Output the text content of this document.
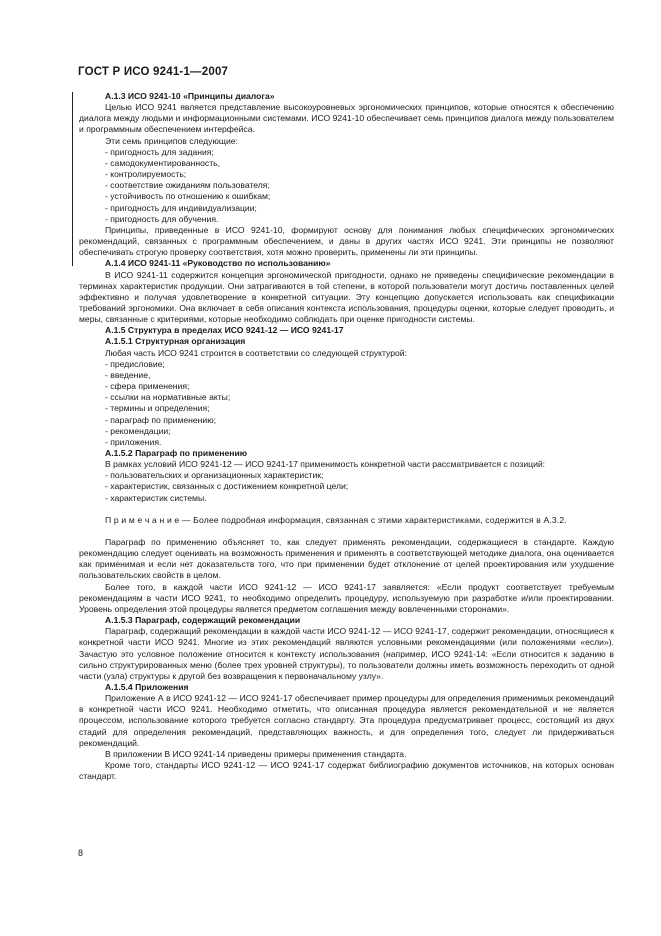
ГОСТ Р ИСО 9241-1—2007

А.1.3 ИСО 9241-10 «Принципы диалога»

Целью ИСО 9241 является представление высокоуровневых эргономических принципов, которые относятся к обеспечению диалога между людьми и информационными системами. ИСО 9241-10 обеспечивает семь принципов диалога между пользователем и программным обеспечением интерфейса.

Эти семь принципов следующие:

- пригодность для задания;

- самодокументированность,

- контролируемость;

- соответствие ожиданиям пользователя;

- устойчивость по отношению к ошибкам;

- пригодность для индивидуализации;

- пригодность для обучения.

Принципы, приведенные в ИСО 9241-10, формируют основу для понимания любых специфических эргономических рекомендаций, связанных с программным обеспечением, и даны в других частях ИСО 9241. Эти принципы не позволяют обеспечивать строгую проверку соответствия, хотя можно проверить, применены ли эти принципы.

А.1.4 ИСО 9241-11 «Руководство по использованию»

В ИСО 9241-11 содержится концепция эргономической пригодности, однако не приведены специфические рекомендации в терминах характеристик продукции. Они затрагиваются в той степени, в которой пользователи могут достичь поставленных целей эффективно и получая удовлетворение в конкретной ситуации. Эту концепцию допускается использовать как спецификации требований эргономики. Она включает в себя описания контекста использования, процедуры оценки, которые следует проводить, и меры, связанные с критериями, которые необходимо соблюдать при оценке пригодности системы.

А.1.5 Структура в пределах ИСО 9241-12 — ИСО 9241-17

А.1.5.1 Структурная организация

Любая часть ИСО 9241 строится в соответствии со следующей структурой:

- предисловие;

- введение,

- сфера применения;

- ссылки на нормативные акты;

- термины и определения;

- параграф по применению;

- рекомендации;

- приложения.

А.1.5.2 Параграф по применению

В рамках условий ИСО 9241-12 — ИСО 9241-17 применимость конкретной части рассматривается с позиций:

- пользовательских и организационных характеристик;

- характеристик, связанных с достижением конкретной цели;

- характеристик системы.

П р и м е ч а н и е — Более подробная информация, связанная с этими характеристиками, содержится в А.3.2.

Параграф по применению объясняет то, как следует применять рекомендации, содержащиеся в стандарте. Каждую рекомендацию следует оценивать на возможность применения и применять в соответствующей методике диалога, она оценивается как применимая и если нет доказательств того, что при применении будет отклонение от целей проектирования или ухудшение пользовательских свойств в целом.

Более того, в каждой части ИСО 9241-12 — ИСО 9241-17 заявляется: «Если продукт соответствует требуемым рекомендациям в части ИСО 9241, то необходимо определить процедуру, используемую при разработке и/или проектировании. Уровень определения этой процедуры является предметом соглашения между вовлеченными сторонами».

А.1.5.3 Параграф, содержащий рекомендации

Параграф, содержащий рекомендации в каждой части ИСО 9241-12 — ИСО 9241-17, содержит рекомендации, относящиеся к конкретной части ИСО 9241. Многие из этих рекомендаций являются условными рекомендациями (или положениями «если»). Зачастую это условное положение относится к контексту использования (например, ИСО 9241-14: «Если относится к заданию в сильно структурированных меню (более трех уровней структуры), то пользователи должны иметь возможность переходить от одной части (узла) структуры к другой без возвращения к первоначальному узлу».

А.1.5.4 Приложения

Приложение А в ИСО 9241-12 — ИСО 9241-17 обеспечивает пример процедуры для определения применимых рекомендаций в конкретной части ИСО 9241. Необходимо отметить, что описанная процедура является рекомендательной и не является процессом, использование которого требуется согласно стандарту. Эта процедура предусматривает процесс, состоящий из двух стадий для определения рекомендаций, представляющих важность, и для определения того, следует ли придерживаться рекомендаций.

В приложении В ИСО 9241-14 приведены примеры применения стандарта.

Кроме того, стандарты ИСО 9241-12 — ИСО 9241-17 содержат библиографию документов источников, на которых основан стандарт.

8
